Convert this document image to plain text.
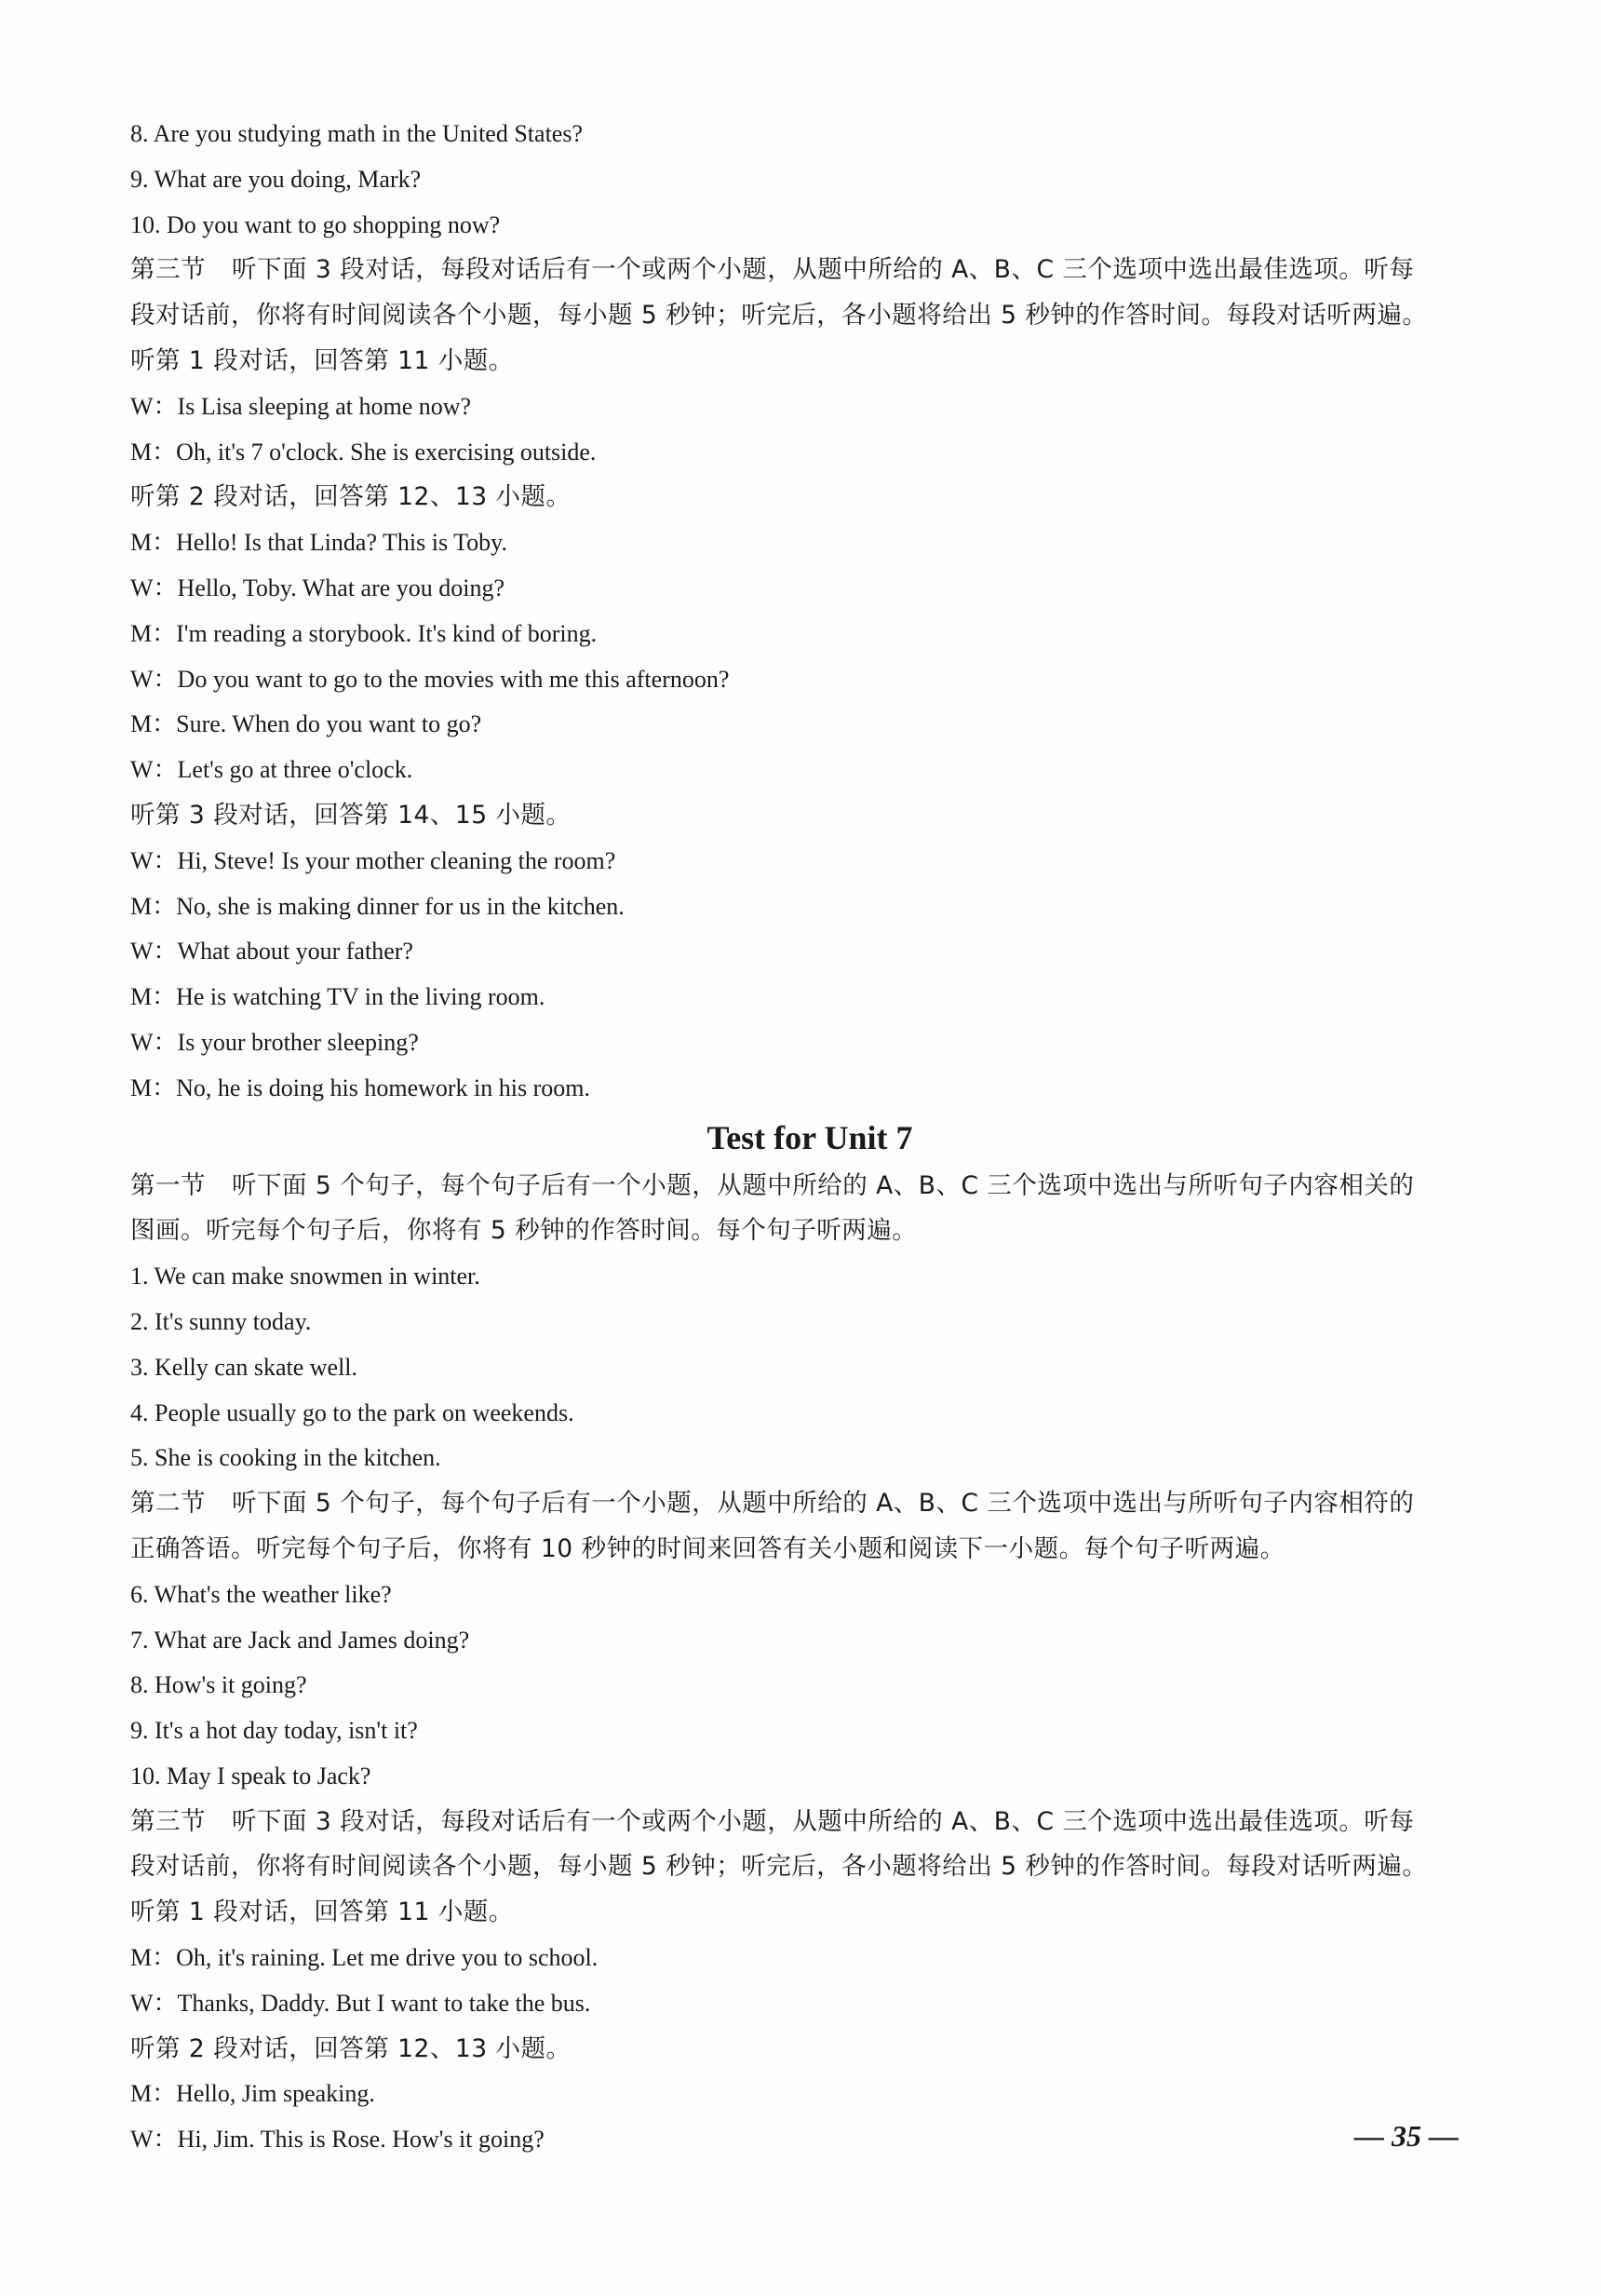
8. Are you studying math in the United States?
9. What are you doing, Mark?
10. Do you want to go shopping now?
第三节 听下面 3 段对话，每段对话后有一个或两个小题，从题中所给的 A、B、C 三个选项中选出最佳选项。听每
段对话前，你将有时间阅读各个小题，每小题 5 秒钟；听完后，各小题将给出 5 秒钟的作答时间。每段对话听两遍。
听第 1 段对话，回答第 11 小题。
W：Is Lisa sleeping at home now?
M：Oh, it's 7 o'clock. She is exercising outside.
听第 2 段对话，回答第 12、13 小题。
M：Hello! Is that Linda? This is Toby.
W：Hello, Toby. What are you doing?
M：I'm reading a storybook. It's kind of boring.
W：Do you want to go to the movies with me this afternoon?
M：Sure. When do you want to go?
W：Let's go at three o'clock.
听第 3 段对话，回答第 14、15 小题。
W：Hi, Steve! Is your mother cleaning the room?
M：No, she is making dinner for us in the kitchen.
W：What about your father?
M：He is watching TV in the living room.
W：Is your brother sleeping?
M：No, he is doing his homework in his room.
Test for Unit 7
第一节 听下面 5 个句子，每个句子后有一个小题，从题中所给的 A、B、C 三个选项中选出与所听句子内容相关的
图画。听完每个句子后，你将有 5 秒钟的作答时间。每个句子听两遍。
1. We can make snowmen in winter.
2. It's sunny today.
3. Kelly can skate well.
4. People usually go to the park on weekends.
5. She is cooking in the kitchen.
第二节 听下面 5 个句子，每个句子后有一个小题，从题中所给的 A、B、C 三个选项中选出与所听句子内容相符的
正确答语。听完每个句子后，你将有 10 秒钟的时间来回答有关小题和阅读下一小题。每个句子听两遍。
6. What's the weather like?
7. What are Jack and James doing?
8. How's it going?
9. It's a hot day today, isn't it?
10. May I speak to Jack?
第三节 听下面 3 段对话，每段对话后有一个或两个小题，从题中所给的 A、B、C 三个选项中选出最佳选项。听每
段对话前，你将有时间阅读各个小题，每小题 5 秒钟；听完后，各小题将给出 5 秒钟的作答时间。每段对话听两遍。
听第 1 段对话，回答第 11 小题。
M：Oh, it's raining. Let me drive you to school.
W：Thanks, Daddy. But I want to take the bus.
听第 2 段对话，回答第 12、13 小题。
M：Hello, Jim speaking.
W：Hi, Jim. This is Rose. How's it going?	— 35 —
